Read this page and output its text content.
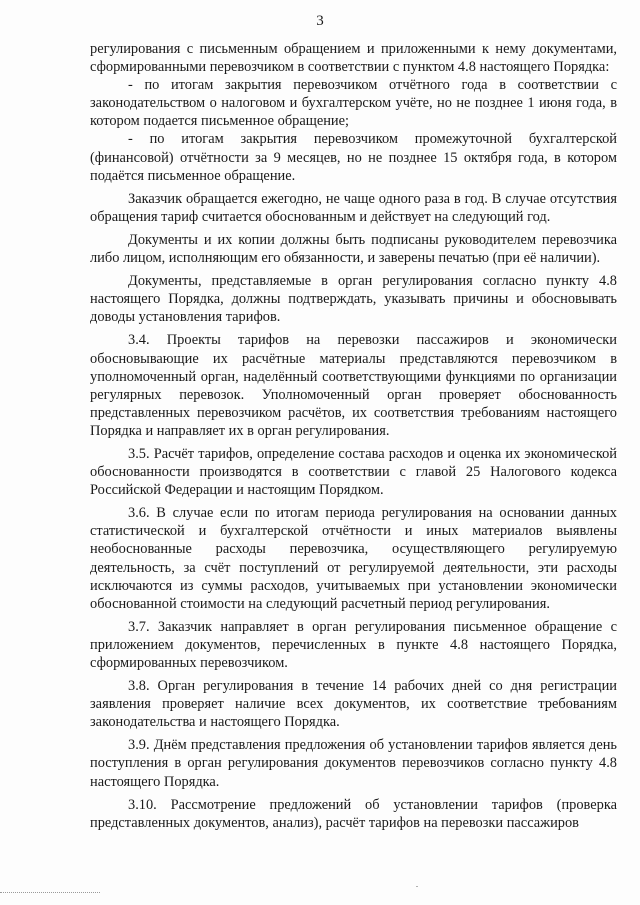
3

регулирования с письменным обращением и приложенными к нему документами, сформированными перевозчиком в соответствии с пунктом 4.8 настоящего Порядка:

- по итогам закрытия перевозчиком отчётного года в соответствии с законодательством о налоговом и бухгалтерском учёте, но не позднее 1 июня года, в котором подается письменное обращение;

- по итогам закрытия перевозчиком промежуточной бухгалтерской (финансовой) отчётности за 9 месяцев, но не позднее 15 октября года, в котором подаётся письменное обращение.

Заказчик обращается ежегодно, не чаще одного раза в год. В случае отсутствия обращения тариф считается обоснованным и действует на следующий год.

Документы и их копии должны быть подписаны руководителем перевозчика либо лицом, исполняющим его обязанности, и заверены печатью (при её наличии).

Документы, представляемые в орган регулирования согласно пункту 4.8 настоящего Порядка, должны подтверждать, указывать причины и обосновывать доводы установления тарифов.

3.4. Проекты тарифов на перевозки пассажиров и экономически обосновывающие их расчётные материалы представляются перевозчиком в уполномоченный орган, наделённый соответствующими функциями по организации регулярных перевозок. Уполномоченный орган проверяет обоснованность представленных перевозчиком расчётов, их соответствия требованиям настоящего Порядка и направляет их в орган регулирования.

3.5. Расчёт тарифов, определение состава расходов и оценка их экономической обоснованности производятся в соответствии с главой 25 Налогового кодекса Российской Федерации и настоящим Порядком.

3.6. В случае если по итогам периода регулирования на основании данных статистической и бухгалтерской отчётности и иных материалов выявлены необоснованные расходы перевозчика, осуществляющего регулируемую деятельность, за счёт поступлений от регулируемой деятельности, эти расходы исключаются из суммы расходов, учитываемых при установлении экономически обоснованной стоимости на следующий расчетный период регулирования.

3.7. Заказчик направляет в орган регулирования письменное обращение с приложением документов, перечисленных в пункте 4.8 настоящего Порядка, сформированных перевозчиком.

3.8. Орган регулирования в течение 14 рабочих дней со дня регистрации заявления проверяет наличие всех документов, их соответствие требованиям законодательства и настоящего Порядка.

3.9. Днём представления предложения об установлении тарифов является день поступления в орган регулирования документов перевозчиков согласно пункту 4.8 настоящего Порядка.

3.10. Рассмотрение предложений об установлении тарифов (проверка представленных документов, анализ), расчёт тарифов на перевозки пассажиров
